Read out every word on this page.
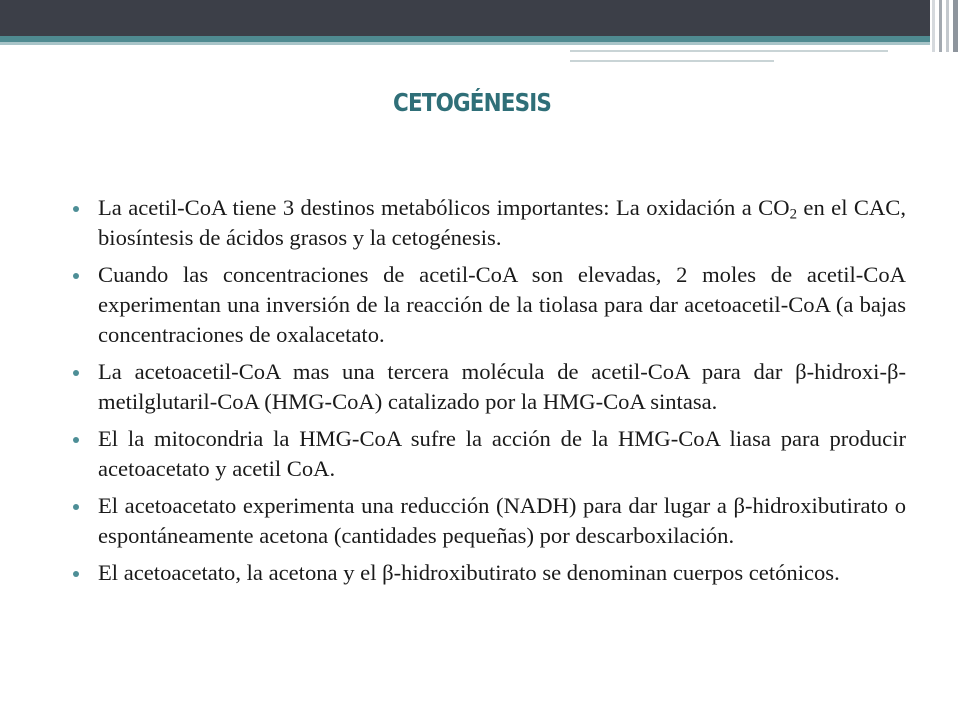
CETOGÉNESIS
La acetil-CoA tiene 3 destinos metabólicos importantes: La oxidación a $CO_2$ en el CAC, biosíntesis de ácidos grasos y la cetogénesis.
Cuando las concentraciones de acetil-CoA son elevadas, 2 moles de acetil-CoA experimentan una inversión de la reacción de la tiolasa para dar acetoacetil-CoA (a bajas concentraciones de oxalacetato.
La acetoacetil-CoA mas una tercera molécula de acetil-CoA para dar β-hidroxi-β-metilglutaril-CoA (HMG-CoA) catalizado por la HMG-CoA sintasa.
El la mitocondria la HMG-CoA sufre la acción de la HMG-CoA liasa para producir acetoacetato y acetil CoA.
El acetoacetato experimenta una reducción (NADH) para dar lugar a β-hidroxibutirato o espontáneamente acetona (cantidades pequeñas) por descarboxilación.
El acetoacetato, la acetona y el β-hidroxibutirato se denominan cuerpos cetónicos.
